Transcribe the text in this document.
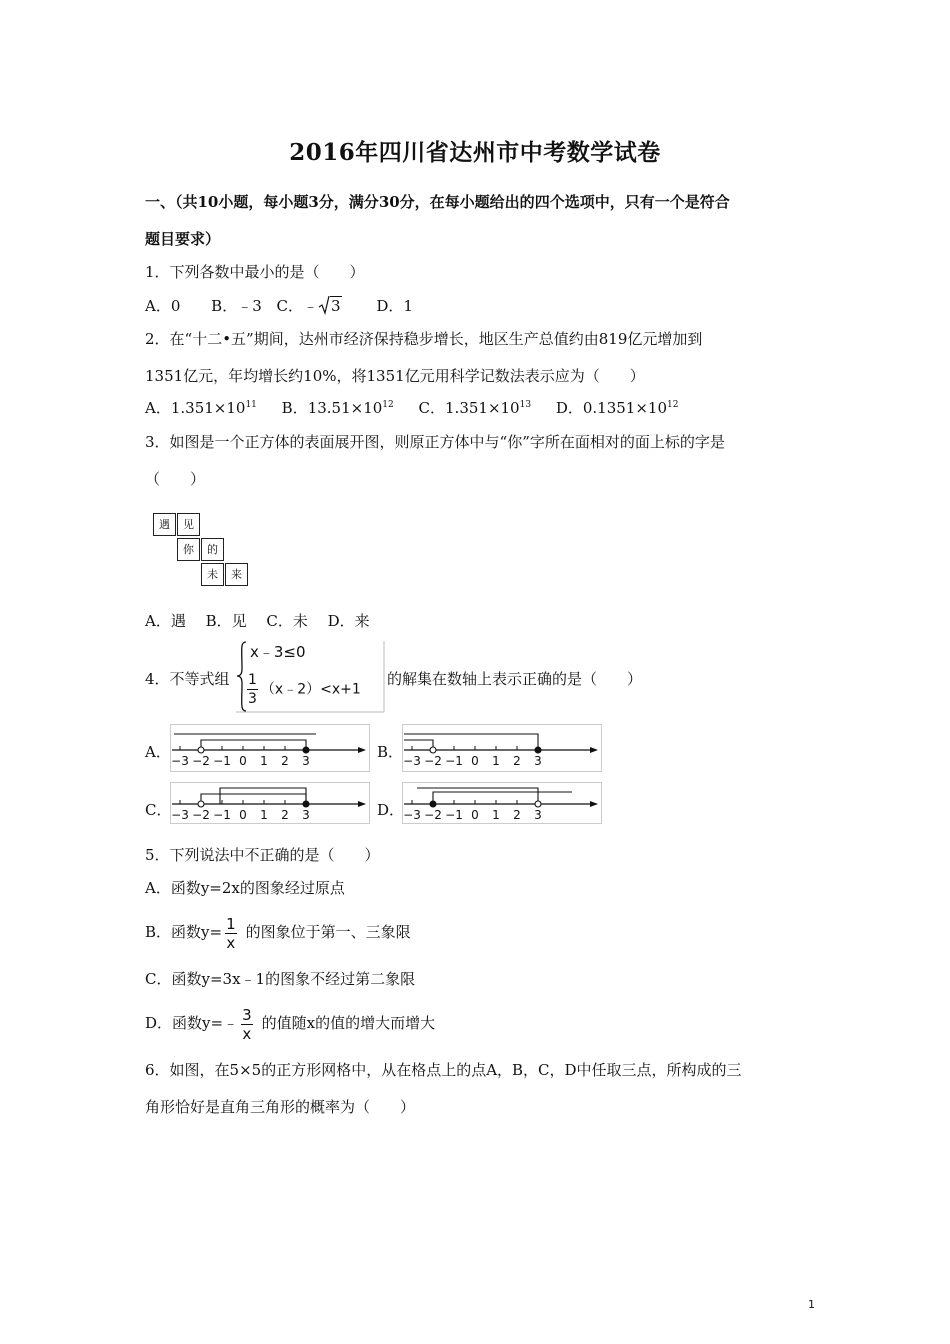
2016年四川省达州市中考数学试卷
一、（共10小题，每小题3分，满分30分，在每小题给出的四个选项中，只有一个是符合
题目要求）
1．下列各数中最小的是（　　）
A．0 B．﹣3 C．﹣ 3 D．1
2．在“十二•五”期间，达州市经济保持稳步增长，地区生产总值约由819亿元增加到
1351亿元，年均增长约10%，将1351亿元用科学记数法表示应为（　　）
A．$1.351\times 10^{11}$ B．$13.51\times 10^{12}$ C．$1.351\times 10^{13}$ D．$0.1351\times 10^{12}$
3．如图是一个正方体的表面展开图，则原正方体中与“你”字所在面相对的面上标的字是
（　　）
遇	见
你	的
未	来
A．遇　 B．见　 C．未　 D．来
4．不等式组
x﹣3≤0
$\frac{1}{3}$ （x﹣2）<x+1
的解集在数轴上表示正确的是（　　）
A．	B．
C．	D．
−3 −2 −1 0 1 2 3	−3 −2 −1 0 1 2 3
−3 −2 −1 0 1 2 3	−3 −2 −1 0 1 2 3
5．下列说法中不正确的是（　　）
A．函数y=2x的图象经过原点
B．函数$y= \frac{1}{x}$ 的图象位于第一、三象限
C．函数y=3x﹣1的图象不经过第二象限
D．函数y=﹣ $\frac{3}{x}$ 的值随x的值的增大而增大
6．如图，在5×5的正方形网格中，从在格点上的点A，B，C，D中任取三点，所构成的三
角形恰好是直角三角形的概率为（　　）
1
